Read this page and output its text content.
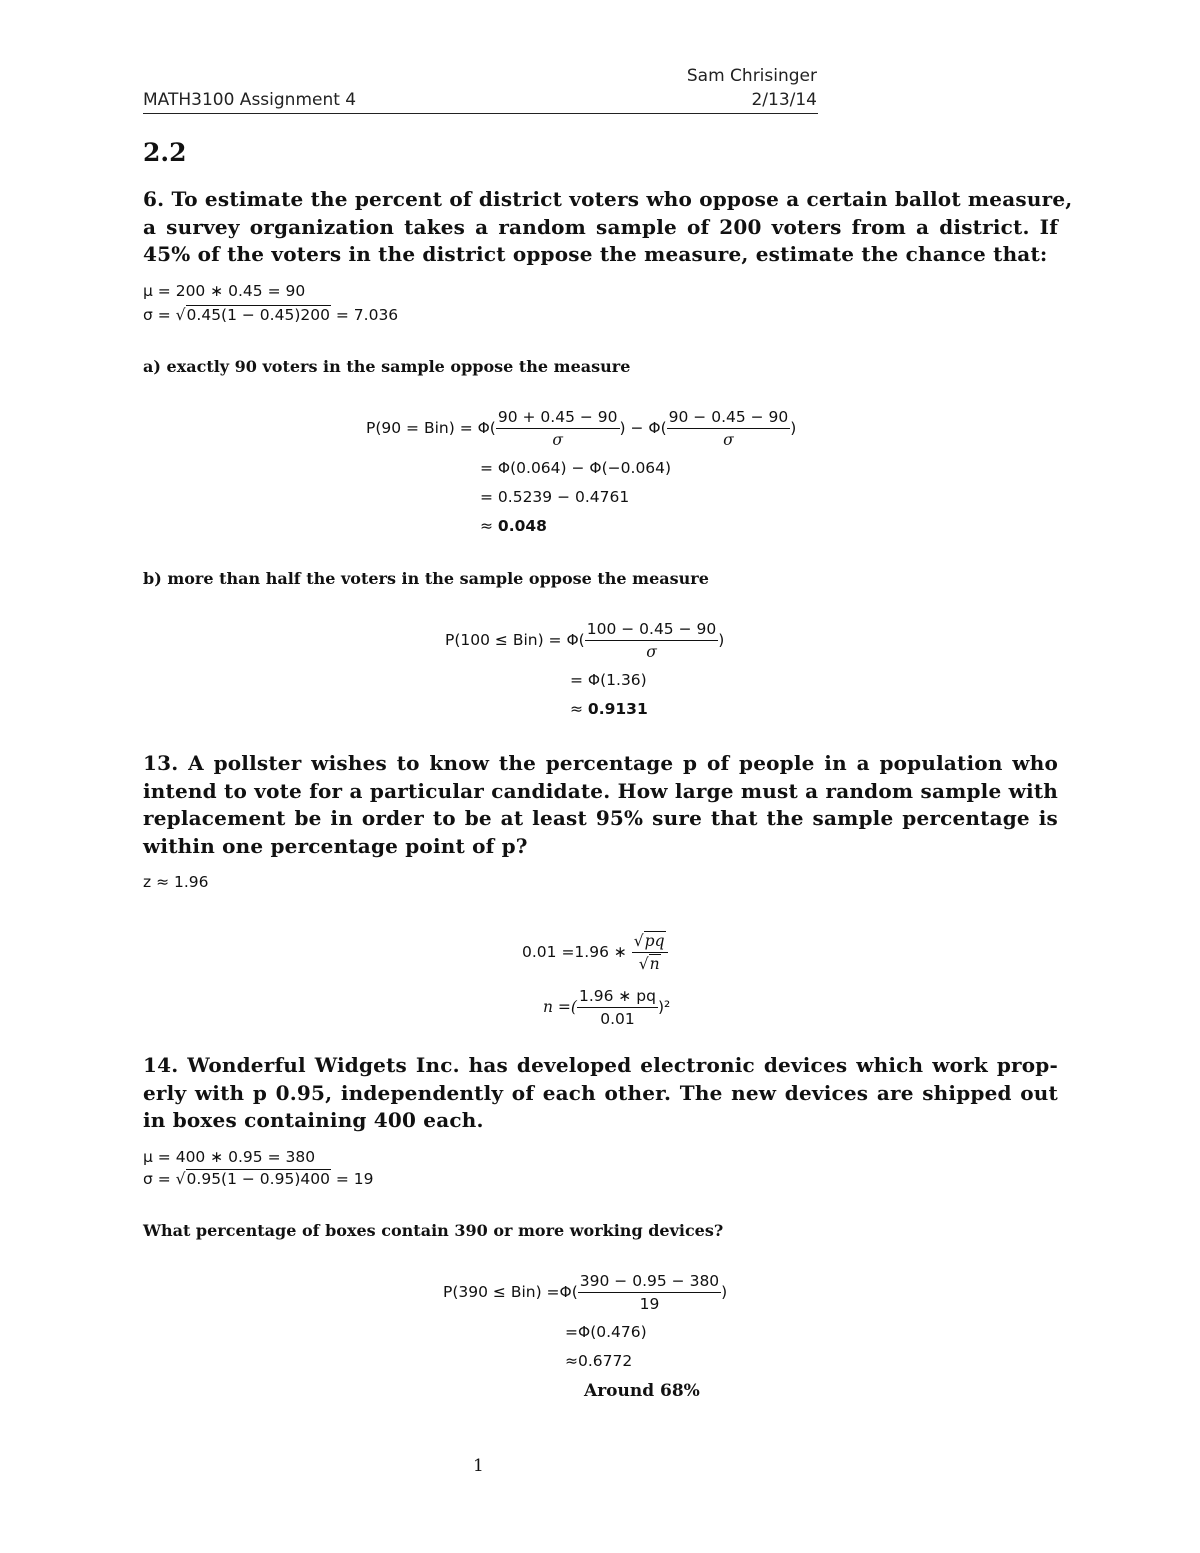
Sam Chrisinger
MATH3100 Assignment 4	2/13/14
2.2
6. To estimate the percent of district voters who oppose a certain ballot measure,
a survey organization takes a random sample of 200 voters from a district. If
45% of the voters in the district oppose the measure, estimate the chance that:
μ = 200 ∗ 0.45 = 90
σ = √0.45(1 − 0.45)200 = 7.036
a) exactly 90 voters in the sample oppose the measure
$P(90 = Bin) = \Phi( \frac{90 + 0.45 - 90}{\sigma}$ ) − $\Phi( \frac{90 - 0.45 - 90}{\sigma}$ )
= Φ(0.064) − Φ(−0.064)
= 0.5239 − 0.4761
≈ 0.048
b) more than half the voters in the sample oppose the measure
$P(100 \le Bin) = \Phi( \frac{100 - 0.45 - 90}{\sigma}$ )
= Φ(1.36)
≈ 0.9131
13. A pollster wishes to know the percentage p of people in a population who
intend to vote for a particular candidate. How large must a random sample with
replacement be in order to be at least 95% sure that the sample percentage is
within one percentage point of p?
z ≈ 1.96
0.01 =1.96 ∗ $\frac{√pq}{√n}$
n =( $\frac{1.96 ∗ pq}{0.01} )^2$
14. Wonderful Widgets Inc. has developed electronic devices which work prop-
erly with p 0.95, independently of each other. The new devices are shipped out
in boxes containing 400 each.
μ = 400 ∗ 0.95 = 380
σ = √0.95(1 − 0.95)400 = 19
What percentage of boxes contain 390 or more working devices?
$P(390 \le Bin) =\Phi( \frac{390 - 0.95 - 380}{19}$ )
=Φ(0.476)
≈0.6772
Around 68%
1
